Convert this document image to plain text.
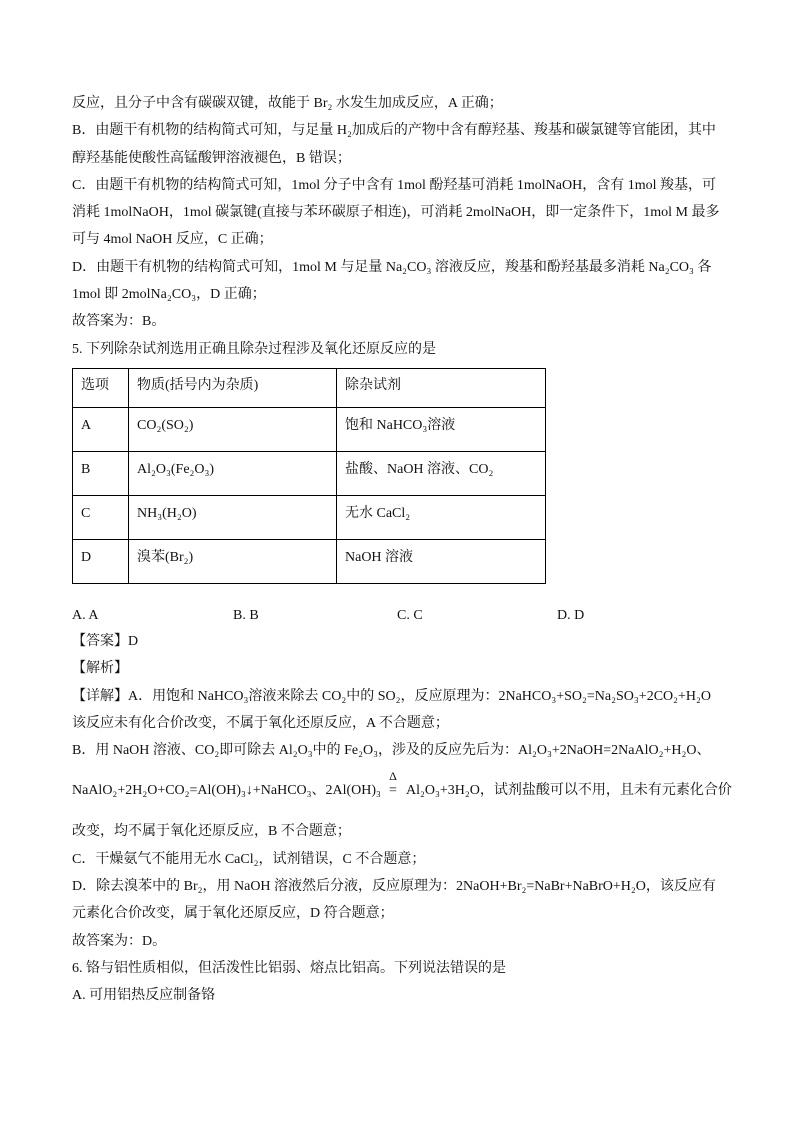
反应，且分子中含有碳碳双键，故能于 Br₂ 水发生加成反应，A 正确；

B．由题干有机物的结构简式可知，与足量 H₂加成后的产物中含有醇羟基、羧基和碳氯键等官能团，其中

醇羟基能使酸性高锰酸钾溶液褪色，B 错误；

C．由题干有机物的结构简式可知，1mol 分子中含有 1mol 酚羟基可消耗 1molNaOH，含有 1mol 羧基，可

消耗 1molNaOH，1mol 碳氯键(直接与苯环碳原子相连)，可消耗 2molNaOH，即一定条件下，1mol M 最多

可与 4mol NaOH 反应，C 正确；

D．由题干有机物的结构简式可知，1mol M 与足量 Na₂CO₃ 溶液反应，羧基和酚羟基最多消耗 Na₂CO₃ 各

1mol 即 2molNa₂CO₃，D 正确；

故答案为：B。

5. 下列除杂试剂选用正确且除杂过程涉及氧化还原反应的是

选项	物质(括号内为杂质)	除杂试剂
A	CO₂(SO₂)	饱和 NaHCO₃溶液
B	Al₂O₃(Fe₂O₃)	盐酸、NaOH 溶液、CO₂
C	NH₃(H₂O)	无水 CaCl₂
D	溴苯(Br₂)	NaOH 溶液
A. A	B. B	C. C	D. D

【答案】D

【解析】

【详解】A．用饱和 NaHCO₃溶液来除去 CO₂中的 SO₂，反应原理为：2NaHCO₃+SO₂=Na₂SO₃+2CO₂+H₂O

该反应未有化合价改变，不属于氧化还原反应，A 不合题意；

B．用 NaOH 溶液、CO₂即可除去 Al₂O₃中的 Fe₂O₃，涉及的反应先后为：Al₂O₃+2NaOH=2NaAlO₂+H₂O、

NaAlO₂+2H₂O+CO₂=Al(OH)₃↓+NaHCO₃、2Al(OH)₃
Δ
= Al₂O₃+3H₂O，试剂盐酸可以不用，且未有元素化合价

改变，均不属于氧化还原反应，B 不合题意；

C．干燥氨气不能用无水 CaCl₂，试剂错误，C 不合题意；

D．除去溴苯中的 Br₂，用 NaOH 溶液然后分液，反应原理为：2NaOH+Br₂=NaBr+NaBrO+H₂O，该反应有

元素化合价改变，属于氧化还原反应，D 符合题意；

故答案为：D。

6. 铬与铝性质相似，但活泼性比铝弱、熔点比铝高。下列说法错误的是

A. 可用铝热反应制备铬
